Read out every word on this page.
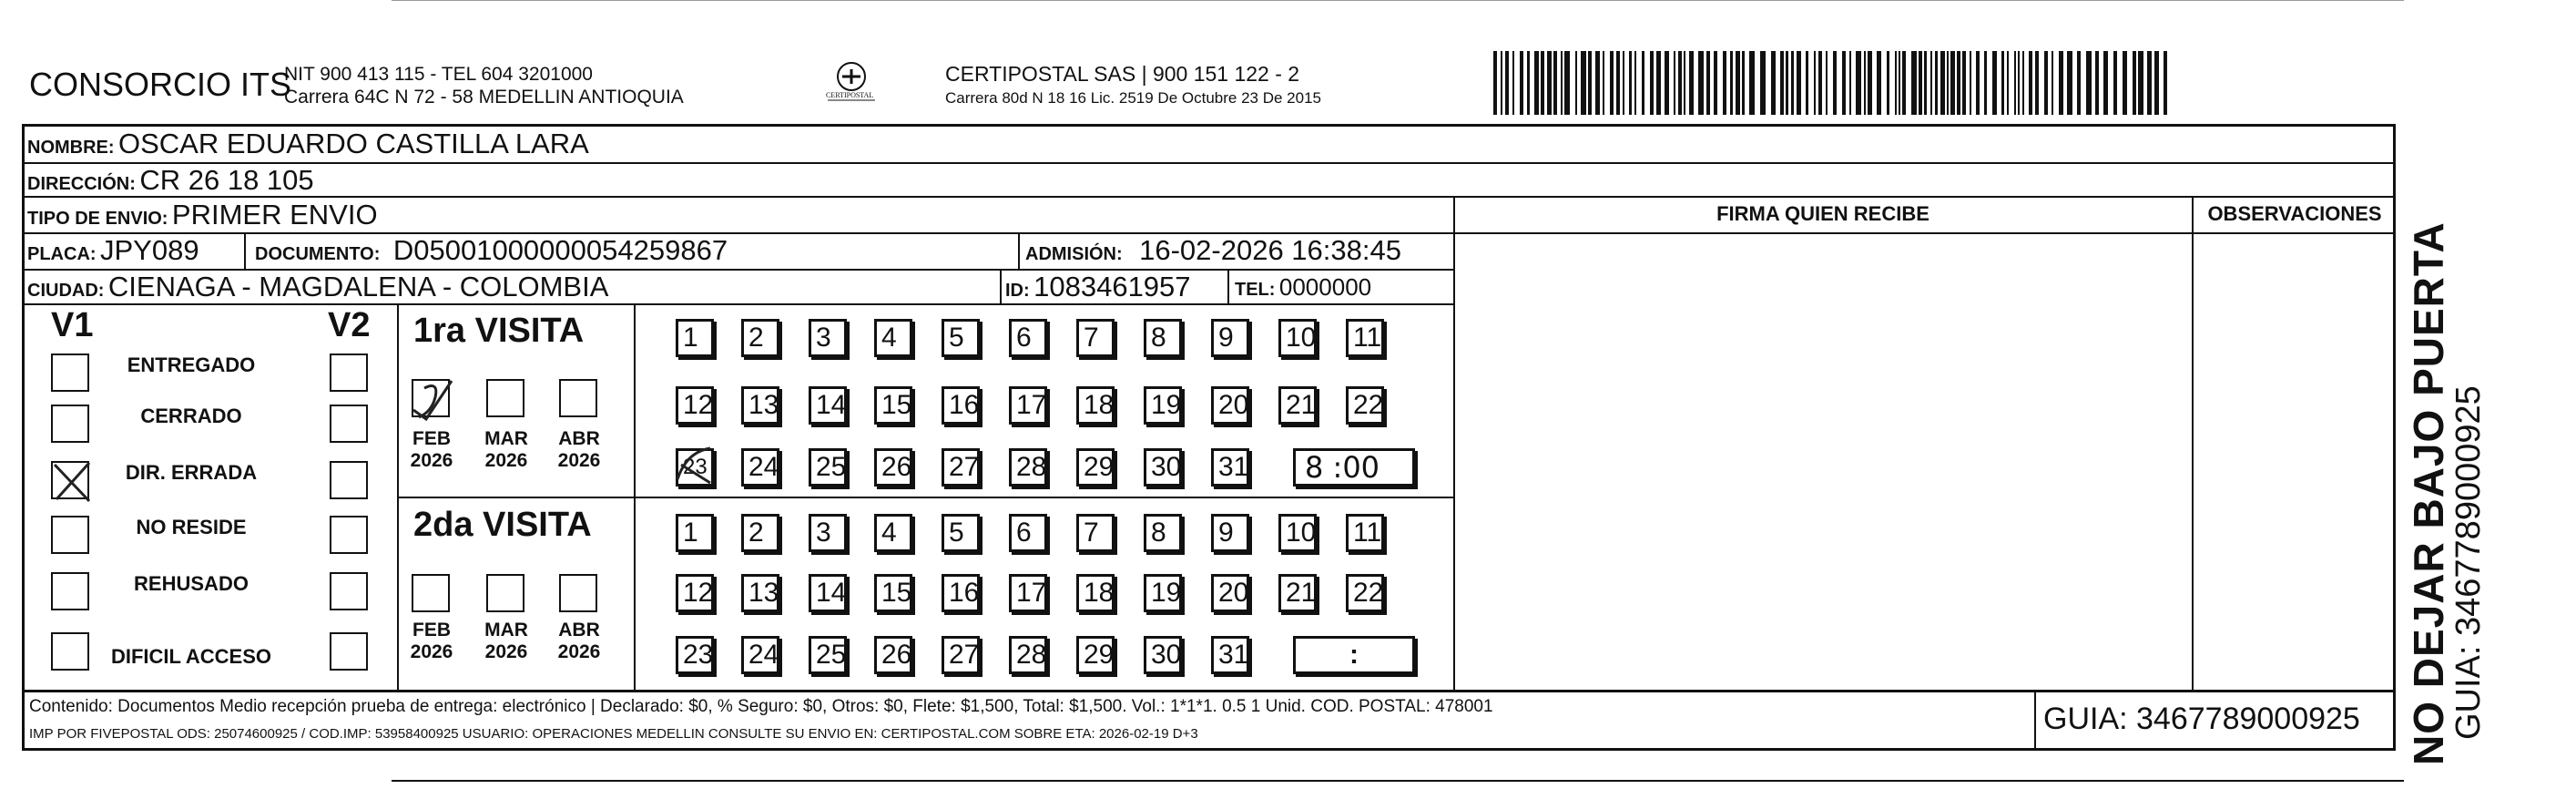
CONSORCIO ITS
NIT 900 413 115 - TEL 604 3201000
Carrera 64C N 72 - 58 MEDELLIN ANTIOQUIA	CERTIPOSTAL
CERTIPOSTAL SAS | 900 151 122 - 2
Carrera 80d N 18 16 Lic. 2519 De Octubre 23 De 2015
NOMBRE: OSCAR EDUARDO CASTILLA LARA
DIRECCIÓN: CR 26 18 105
TIPO DE ENVIO: PRIMER ENVIO	FIRMA QUIEN RECIBE	OBSERVACIONES
PLACA: JPY089	DOCUMENTO: D05001000000054259867	ADMISIÓN: 16-02-2026 16:38:45
CIUDAD: CIENAGA - MAGDALENA - COLOMBIA	ID: 1083461957 TEL: 0000000
V1	V2
ENTREGADO
CERRADO
DIR. ERRADA
NO RESIDE
REHUSADO
DIFICIL ACCESO
1ra VISITA
2da VISITA
FEB
2026
MAR
2026
ABR
2026
FEB
2026
MAR
2026
ABR
2026
1	2	3	4	5	6	7	8	9	10 11
12 13 14 15 16 17 18 19 20 21 22
23 24 25 26 27 28 29 30 31
1	2	3	4	5	6	7	8	9	10 11
12 13 14 15 16 17 18 19 20 21 22
23 24 25 26 27 28 29 30 31
8 :00
:
Contenido: Documentos Medio recepción prueba de entrega: electrónico | Declarado: $0, % Seguro: $0, Otros: $0, Flete: $1,500, Total: $1,500. Vol.: 1*1*1. 0.5 1 Unid. COD. POSTAL: 478001
IMP POR FIVEPOSTAL ODS: 25074600925 / COD.IMP: 53958400925 USUARIO: OPERACIONES MEDELLIN CONSULTE SU ENVIO EN: CERTIPOSTAL.COM SOBRE ETA: 2026-02-19 D+3	GUIA: 3467789000925 NO DEJAR BAJO PUERTA
GUIA: 3467789000925
